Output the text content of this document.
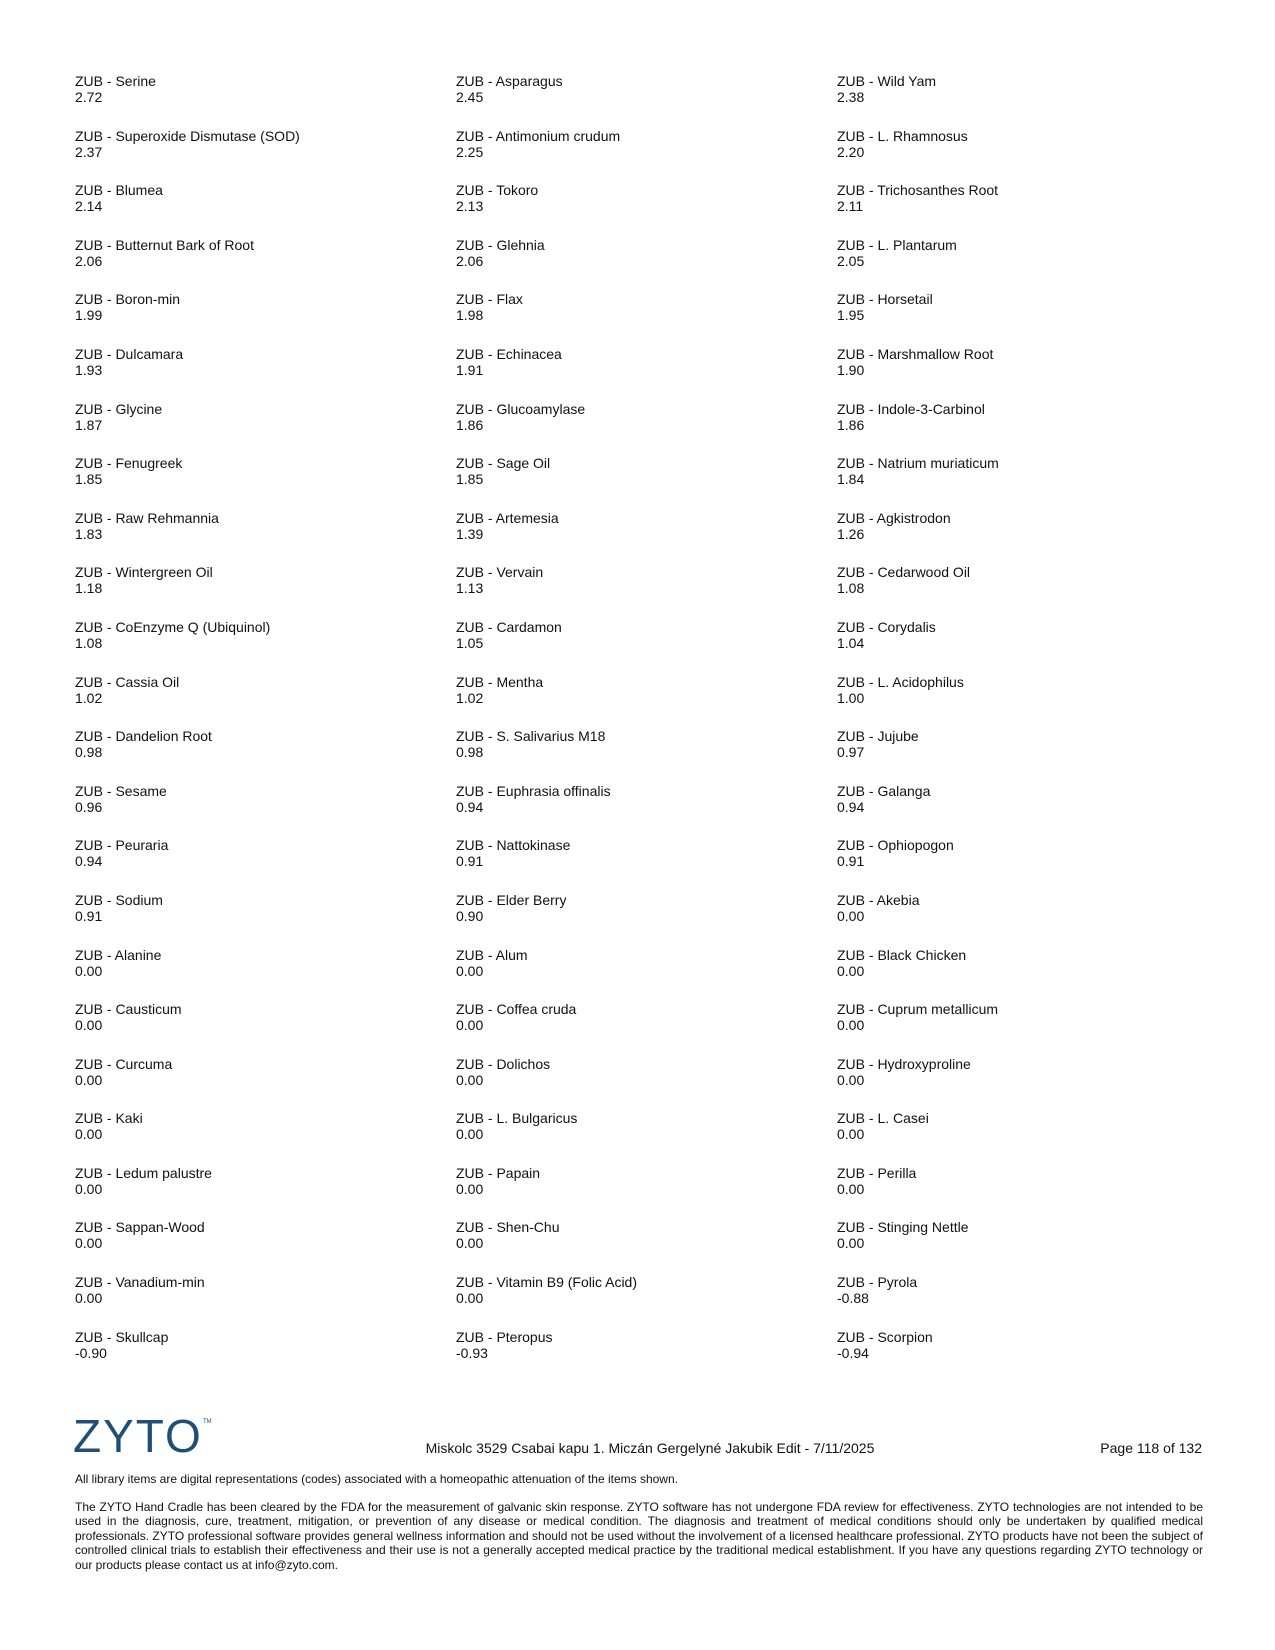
ZUB - Serine
2.72
ZUB - Asparagus
2.45
ZUB - Wild Yam
2.38
ZUB - Superoxide Dismutase (SOD)
2.37
ZUB - Antimonium crudum
2.25
ZUB - L. Rhamnosus
2.20
ZUB - Blumea
2.14
ZUB - Tokoro
2.13
ZUB - Trichosanthes Root
2.11
ZUB - Butternut Bark of Root
2.06
ZUB - Glehnia
2.06
ZUB - L. Plantarum
2.05
ZUB - Boron-min
1.99
ZUB - Flax
1.98
ZUB - Horsetail
1.95
ZUB - Dulcamara
1.93
ZUB - Echinacea
1.91
ZUB - Marshmallow Root
1.90
ZUB - Glycine
1.87
ZUB - Glucoamylase
1.86
ZUB - Indole-3-Carbinol
1.86
ZUB - Fenugreek
1.85
ZUB - Sage Oil
1.85
ZUB - Natrium muriaticum
1.84
ZUB - Raw Rehmannia
1.83
ZUB - Artemesia
1.39
ZUB - Agkistrodon
1.26
ZUB - Wintergreen Oil
1.18
ZUB - Vervain
1.13
ZUB - Cedarwood Oil
1.08
ZUB - CoEnzyme Q (Ubiquinol)
1.08
ZUB - Cardamon
1.05
ZUB - Corydalis
1.04
ZUB - Cassia Oil
1.02
ZUB - Mentha
1.02
ZUB - L. Acidophilus
1.00
ZUB - Dandelion Root
0.98
ZUB - S. Salivarius M18
0.98
ZUB - Jujube
0.97
ZUB - Sesame
0.96
ZUB - Euphrasia offinalis
0.94
ZUB - Galanga
0.94
ZUB - Peuraria
0.94
ZUB - Nattokinase
0.91
ZUB - Ophiopogon
0.91
ZUB - Sodium
0.91
ZUB - Elder Berry
0.90
ZUB - Akebia
0.00
ZUB - Alanine
0.00
ZUB - Alum
0.00
ZUB - Black Chicken
0.00
ZUB - Causticum
0.00
ZUB - Coffea cruda
0.00
ZUB - Cuprum metallicum
0.00
ZUB - Curcuma
0.00
ZUB - Dolichos
0.00
ZUB - Hydroxyproline
0.00
ZUB - Kaki
0.00
ZUB - L. Bulgaricus
0.00
ZUB - L. Casei
0.00
ZUB - Ledum palustre
0.00
ZUB - Papain
0.00
ZUB - Perilla
0.00
ZUB - Sappan-Wood
0.00
ZUB - Shen-Chu
0.00
ZUB - Stinging Nettle
0.00
ZUB - Vanadium-min
0.00
ZUB - Vitamin B9 (Folic Acid)
0.00
ZUB - Pyrola
-0.88
ZUB - Skullcap
-0.90
ZUB - Pteropus
-0.93
ZUB - Scorpion
-0.94
ZYTO TM
Miskolc 3529 Csabai kapu 1. Miczán Gergelyné Jakubik Edit - 7/11/2025	Page 118 of 132
All library items are digital representations (codes) associated with a homeopathic attenuation of the items shown.
The ZYTO Hand Cradle has been cleared by the FDA for the measurement of galvanic skin response. ZYTO software has not undergone FDA review for effectiveness. ZYTO technologies are not intended to be used in the diagnosis, cure, treatment, mitigation, or prevention of any disease or medical condition. The diagnosis and treatment of medical conditions should only be undertaken by qualified medical professionals. ZYTO professional software provides general wellness information and should not be used without the involvement of a licensed healthcare professional. ZYTO products have not been the subject of controlled clinical trials to establish their effectiveness and their use is not a generally accepted medical practice by the traditional medical establishment. If you have any questions regarding ZYTO technology or our products please contact us at info@zyto.com.
